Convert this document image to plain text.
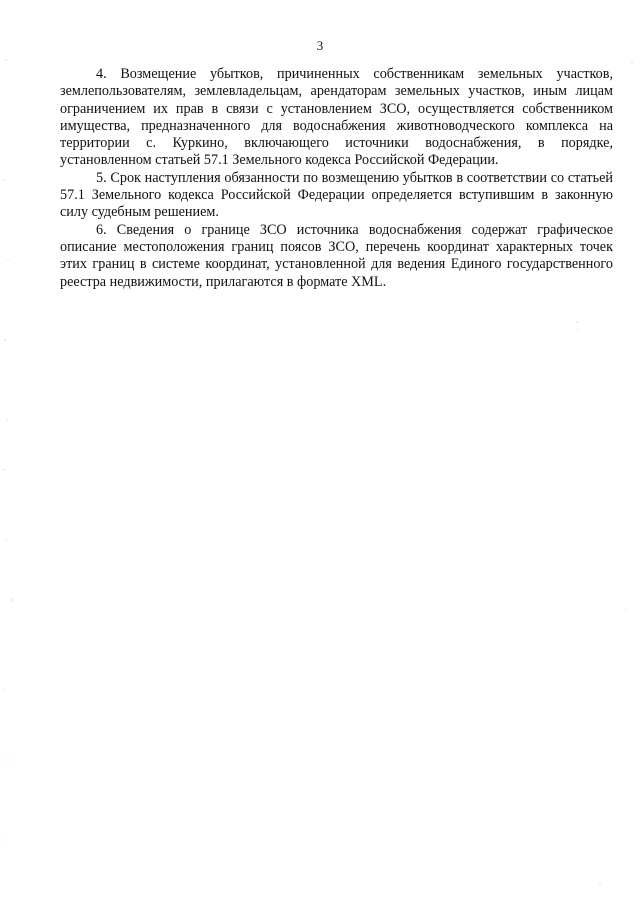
3

4. Возмещение убытков, причиненных собственникам земельных участков, землепользователям, землевладельцам, арендаторам земельных участков, иным лицам ограничением их прав в связи с установлением ЗСО, осуществляется собственником имущества, предназначенного для водоснабжения животноводческого комплекса на территории с. Куркино, включающего источники водоснабжения, в порядке, установленном статьей 57.1 Земельного кодекса Российской Федерации.

5. Срок наступления обязанности по возмещению убытков в соответствии со статьей 57.1 Земельного кодекса Российской Федерации определяется вступившим в законную силу судебным решением.

6. Сведения о границе ЗСО источника водоснабжения содержат графическое описание местоположения границ поясов ЗСО, перечень координат характерных точек этих границ в системе координат, установленной для ведения Единого государственного реестра недвижимости, прилагаются в формате XML.
